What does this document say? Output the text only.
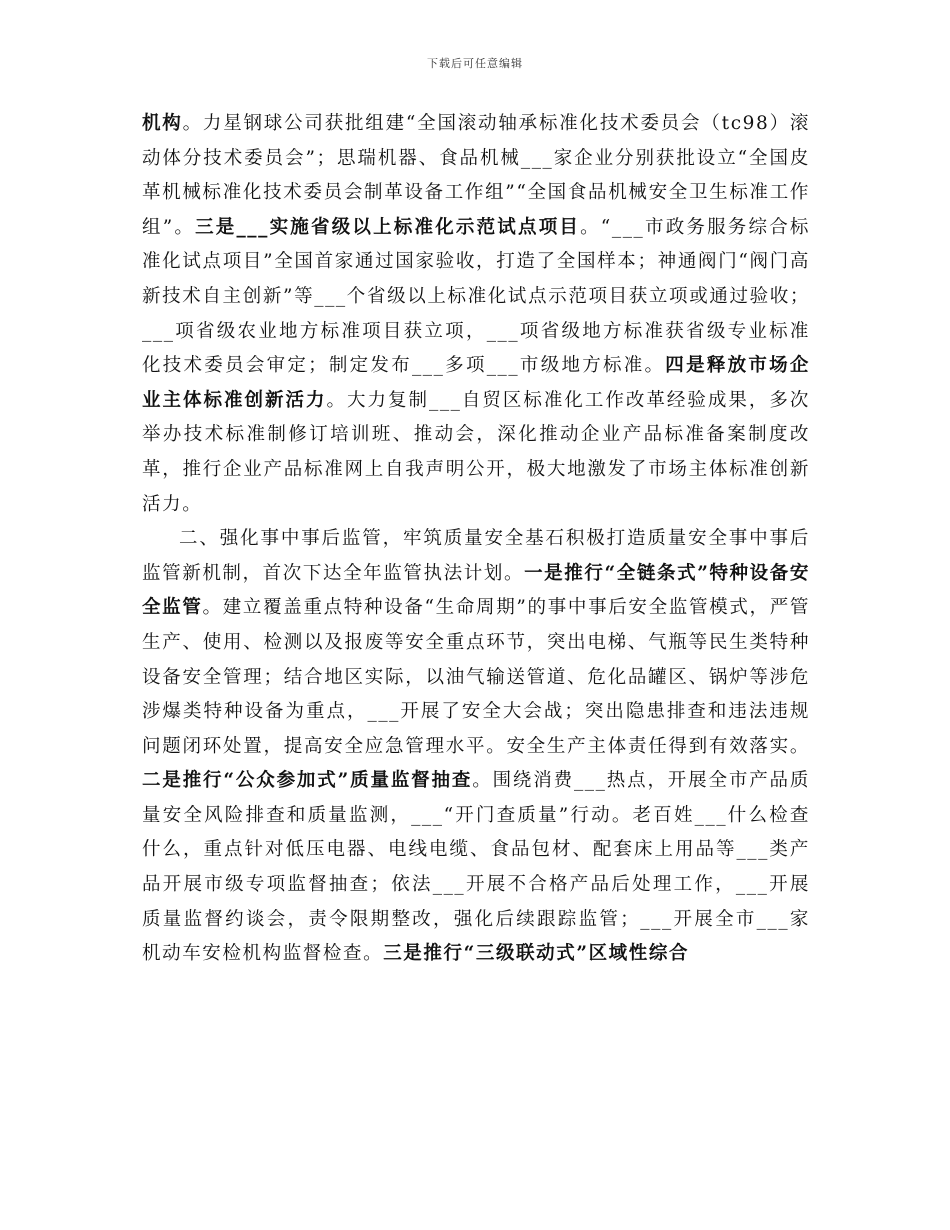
下载后可任意编辑

机构。力星钢球公司获批组建“全国滚动轴承标准化技术委员会（tc98）滚动体分技术委员会”；思瑞机器、食品机械___家企业分别获批设立“全国皮革机械标准化技术委员会制革设备工作组”“全国食品机械安全卫生标准工作组”。三是___实施省级以上标准化示范试点项目。“___市政务服务综合标准化试点项目”全国首家通过国家验收，打造了全国样本；神通阀门“阀门高新技术自主创新”等___个省级以上标准化试点示范项目获立项或通过验收；___项省级农业地方标准项目获立项，___项省级地方标准获省级专业标准化技术委员会审定；制定发布___多项___市级地方标准。四是释放市场企业主体标准创新活力。大力复制___自贸区标准化工作改革经验成果，多次举办技术标准制修订培训班、推动会，深化推动企业产品标准备案制度改革，推行企业产品标准网上自我声明公开，极大地激发了市场主体标准创新活力。

二、强化事中事后监管，牢筑质量安全基石积极打造质量安全事中事后监管新机制，首次下达全年监管执法计划。一是推行“全链条式”特种设备安全监管。建立覆盖重点特种设备“生命周期”的事中事后安全监管模式，严管生产、使用、检测以及报废等安全重点环节，突出电梯、气瓶等民生类特种设备安全管理；结合地区实际，以油气输送管道、危化品罐区、锅炉等涉危涉爆类特种设备为重点，___开展了安全大会战；突出隐患排查和违法违规问题闭环处置，提高安全应急管理水平。安全生产主体责任得到有效落实。二是推行“公众参加式”质量监督抽查。围绕消费___热点，开展全市产品质量安全风险排查和质量监测，___“开门查质量”行动。老百姓___什么检查什么，重点针对低压电器、电线电缆、食品包材、配套床上用品等___类产品开展市级专项监督抽查；依法___开展不合格产品后处理工作，___开展质量监督约谈会，责令限期整改，强化后续跟踪监管；___开展全市___家机动车安检机构监督检查。三是推行“三级联动式”区域性综合
